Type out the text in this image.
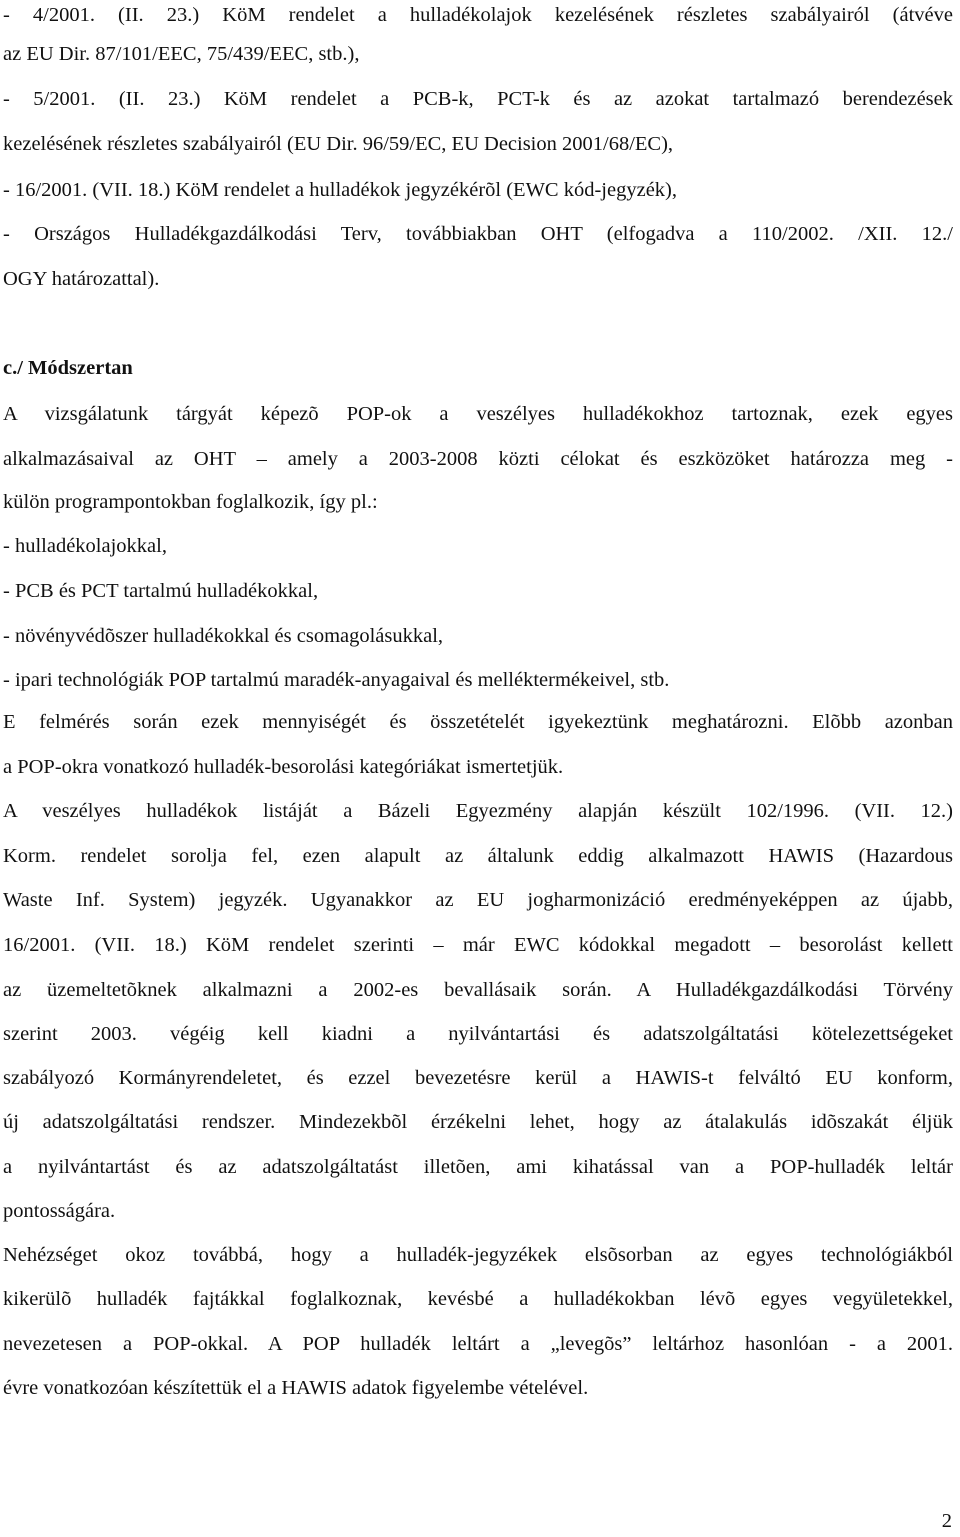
- 4/2001. (II. 23.) KöM rendelet a hulladékolajok kezelésének részletes szabályairól (átvéve
az EU Dir. 87/101/EEC, 75/439/EEC, stb.),
- 5/2001. (II. 23.) KöM rendelet a PCB-k, PCT-k és az azokat tartalmazó berendezések
kezelésének részletes szabályairól (EU Dir. 96/59/EC, EU Decision 2001/68/EC),
- 16/2001. (VII. 18.) KöM rendelet a hulladékok jegyzékérõl (EWC kód-jegyzék),
- Országos Hulladékgazdálkodási Terv, továbbiakban OHT (elfogadva a 110/2002. /XII. 12./
OGY határozattal).
c./ Módszertan
A vizsgálatunk tárgyát képezõ POP-ok a veszélyes hulladékokhoz tartoznak, ezek egyes
alkalmazásaival az OHT – amely a 2003-2008 közti célokat és eszközöket határozza meg -
külön programpontokban foglalkozik, így pl.:
- hulladékolajokkal,
- PCB és PCT tartalmú hulladékokkal,
- növényvédõszer hulladékokkal és csomagolásukkal,
- ipari technológiák POP tartalmú maradék-anyagaival és melléktermékeivel, stb.
E felmérés során ezek mennyiségét és összetételét igyekeztünk meghatározni. Elõbb azonban
a POP-okra vonatkozó hulladék-besorolási kategóriákat ismertetjük.
A veszélyes hulladékok listáját a Bázeli Egyezmény alapján készült 102/1996. (VII. 12.)
Korm. rendelet sorolja fel, ezen alapult az általunk eddig alkalmazott HAWIS (Hazardous
Waste Inf. System) jegyzék. Ugyanakkor az EU jogharmonizáció eredményeképpen az újabb,
16/2001. (VII. 18.) KöM rendelet szerinti – már EWC kódokkal megadott – besorolást kellett
az üzemeltetõknek alkalmazni a 2002-es bevallásaik során. A Hulladékgazdálkodási Törvény
szerint 2003. végéig kell kiadni a nyilvántartási és adatszolgáltatási kötelezettségeket
szabályozó Kormányrendeletet, és ezzel bevezetésre kerül a HAWIS-t felváltó EU konform,
új adatszolgáltatási rendszer. Mindezekbõl érzékelni lehet, hogy az átalakulás idõszakát éljük
a nyilvántartást és az adatszolgáltatást illetõen, ami kihatással van a POP-hulladék leltár
pontosságára.
Nehézséget okoz továbbá, hogy a hulladék-jegyzékek elsõsorban az egyes technológiákból
kikerülõ hulladék fajtákkal foglalkoznak, kevésbé a hulladékokban lévõ egyes vegyületekkel,
nevezetesen a POP-okkal. A POP hulladék leltárt a „levegõs” leltárhoz hasonlóan - a 2001.
évre vonatkozóan készítettük el a HAWIS adatok figyelembe vételével.
2
